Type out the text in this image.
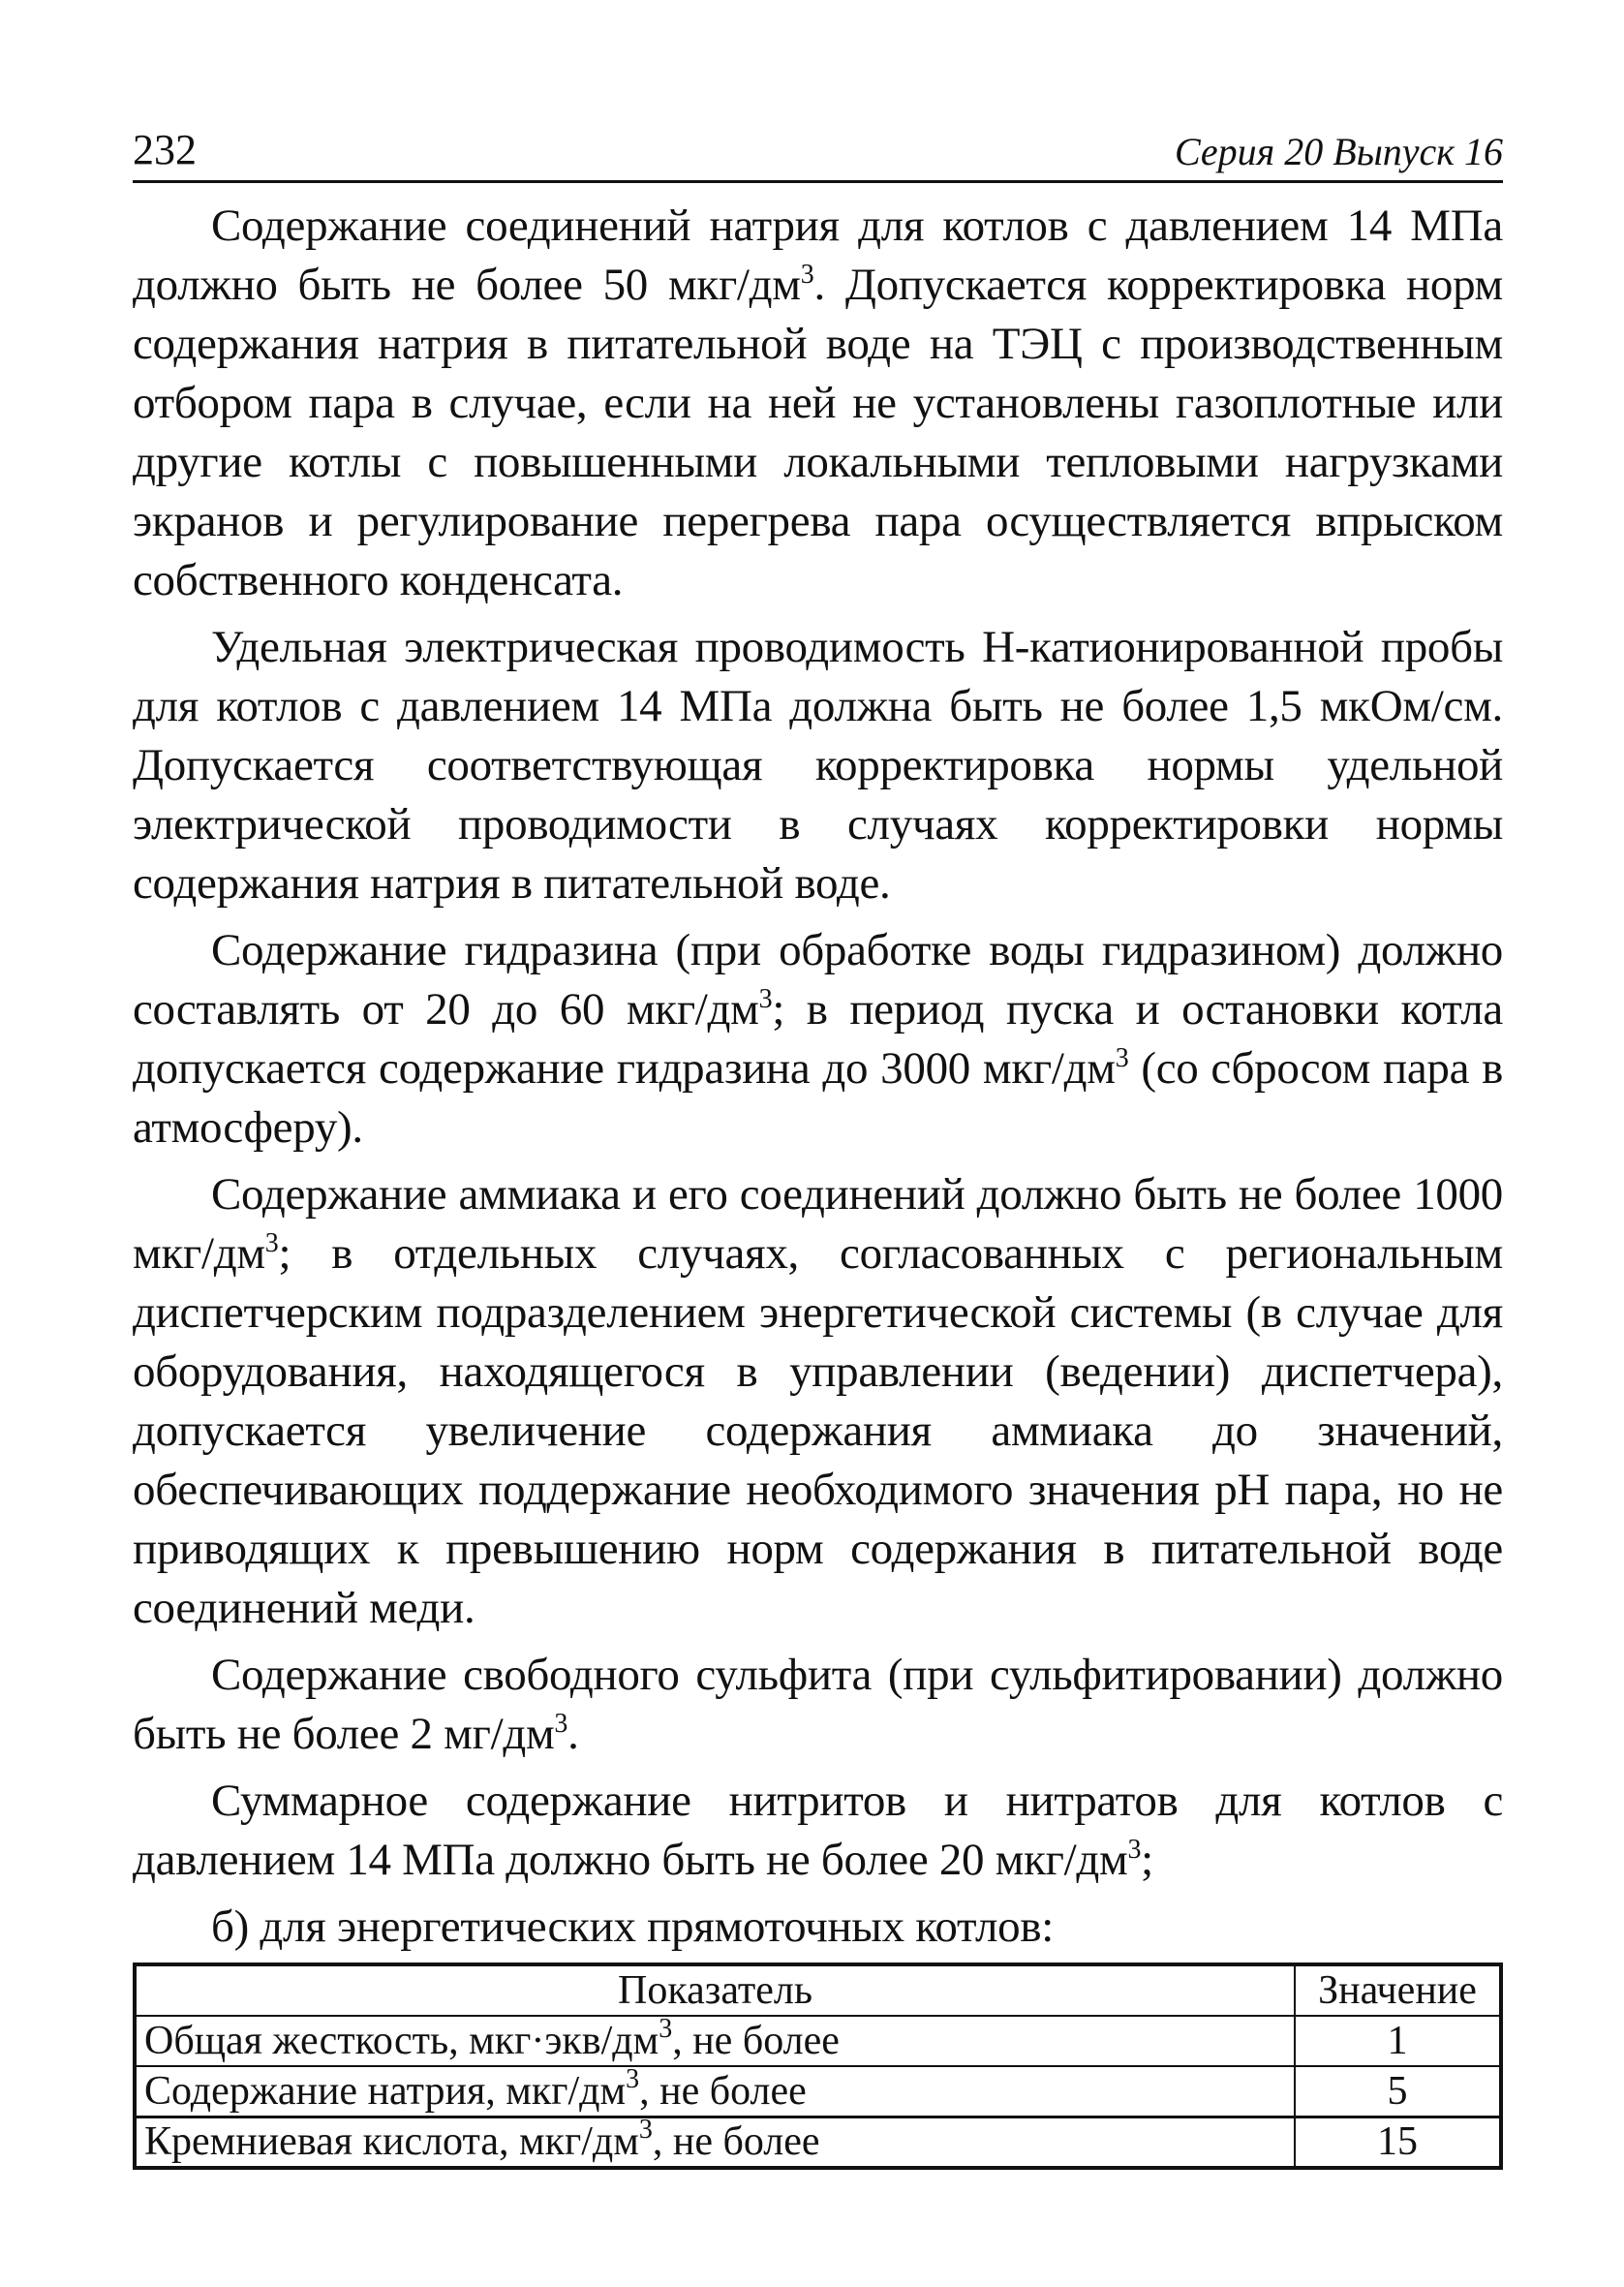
232	Серия 20 Выпуск 16

Содержание соединений натрия для котлов с давлением 14 МПа должно быть не более 50 мкг/$дм^3$. Допускается корректировка норм содержания натрия в питательной воде на ТЭЦ с производственным отбором пара в случае, если на ней не установлены газоплотные или другие котлы с повышенными локальными тепловыми нагрузками экранов и регулирование перегрева пара осуществляется впрыском собственного конденсата.

Удельная электрическая проводимость Н-катионированной пробы для котлов с давлением 14 МПа должна быть не более 1,5 мкОм/см. Допускается соответствующая корректировка нормы удельной электрической проводимости в случаях корректировки нормы содержания натрия в питательной воде.

Содержание гидразина (при обработке воды гидразином) должно составлять от 20 до 60 мкг/$дм^3$; в период пуска и остановки котла допускается содержание гидразина до 3000 мкг/$дм^3$ (со сбросом пара в атмосферу).

Содержание аммиака и его соединений должно быть не более 1000 мкг/$дм^3$; в отдельных случаях, согласованных с региональным диспетчерским подразделением энергетической системы (в случае для оборудования, находящегося в управлении (ведении) диспетчера), допускается увеличение содержания аммиака до значений, обеспечивающих поддержание необходимого значения pH пара, но не приводящих к превышению норм содержания в питательной воде соединений меди.

Содержание свободного сульфита (при сульфитировании) должно быть не более 2 $мг/дм^3$.

Суммарное содержание нитритов и нитратов для котлов с давлением 14 МПа должно быть не более 20 мкг/$дм^3$;

б) для энергетических прямоточных котлов:

Показатель	Значение
Общая жесткость, $мкг\cdot экв/дм^3$, не более	1
Содержание натрия, мкг/$дм^3$, не более	5
Кремниевая кислота, мкг/$дм^3$, не более	15
